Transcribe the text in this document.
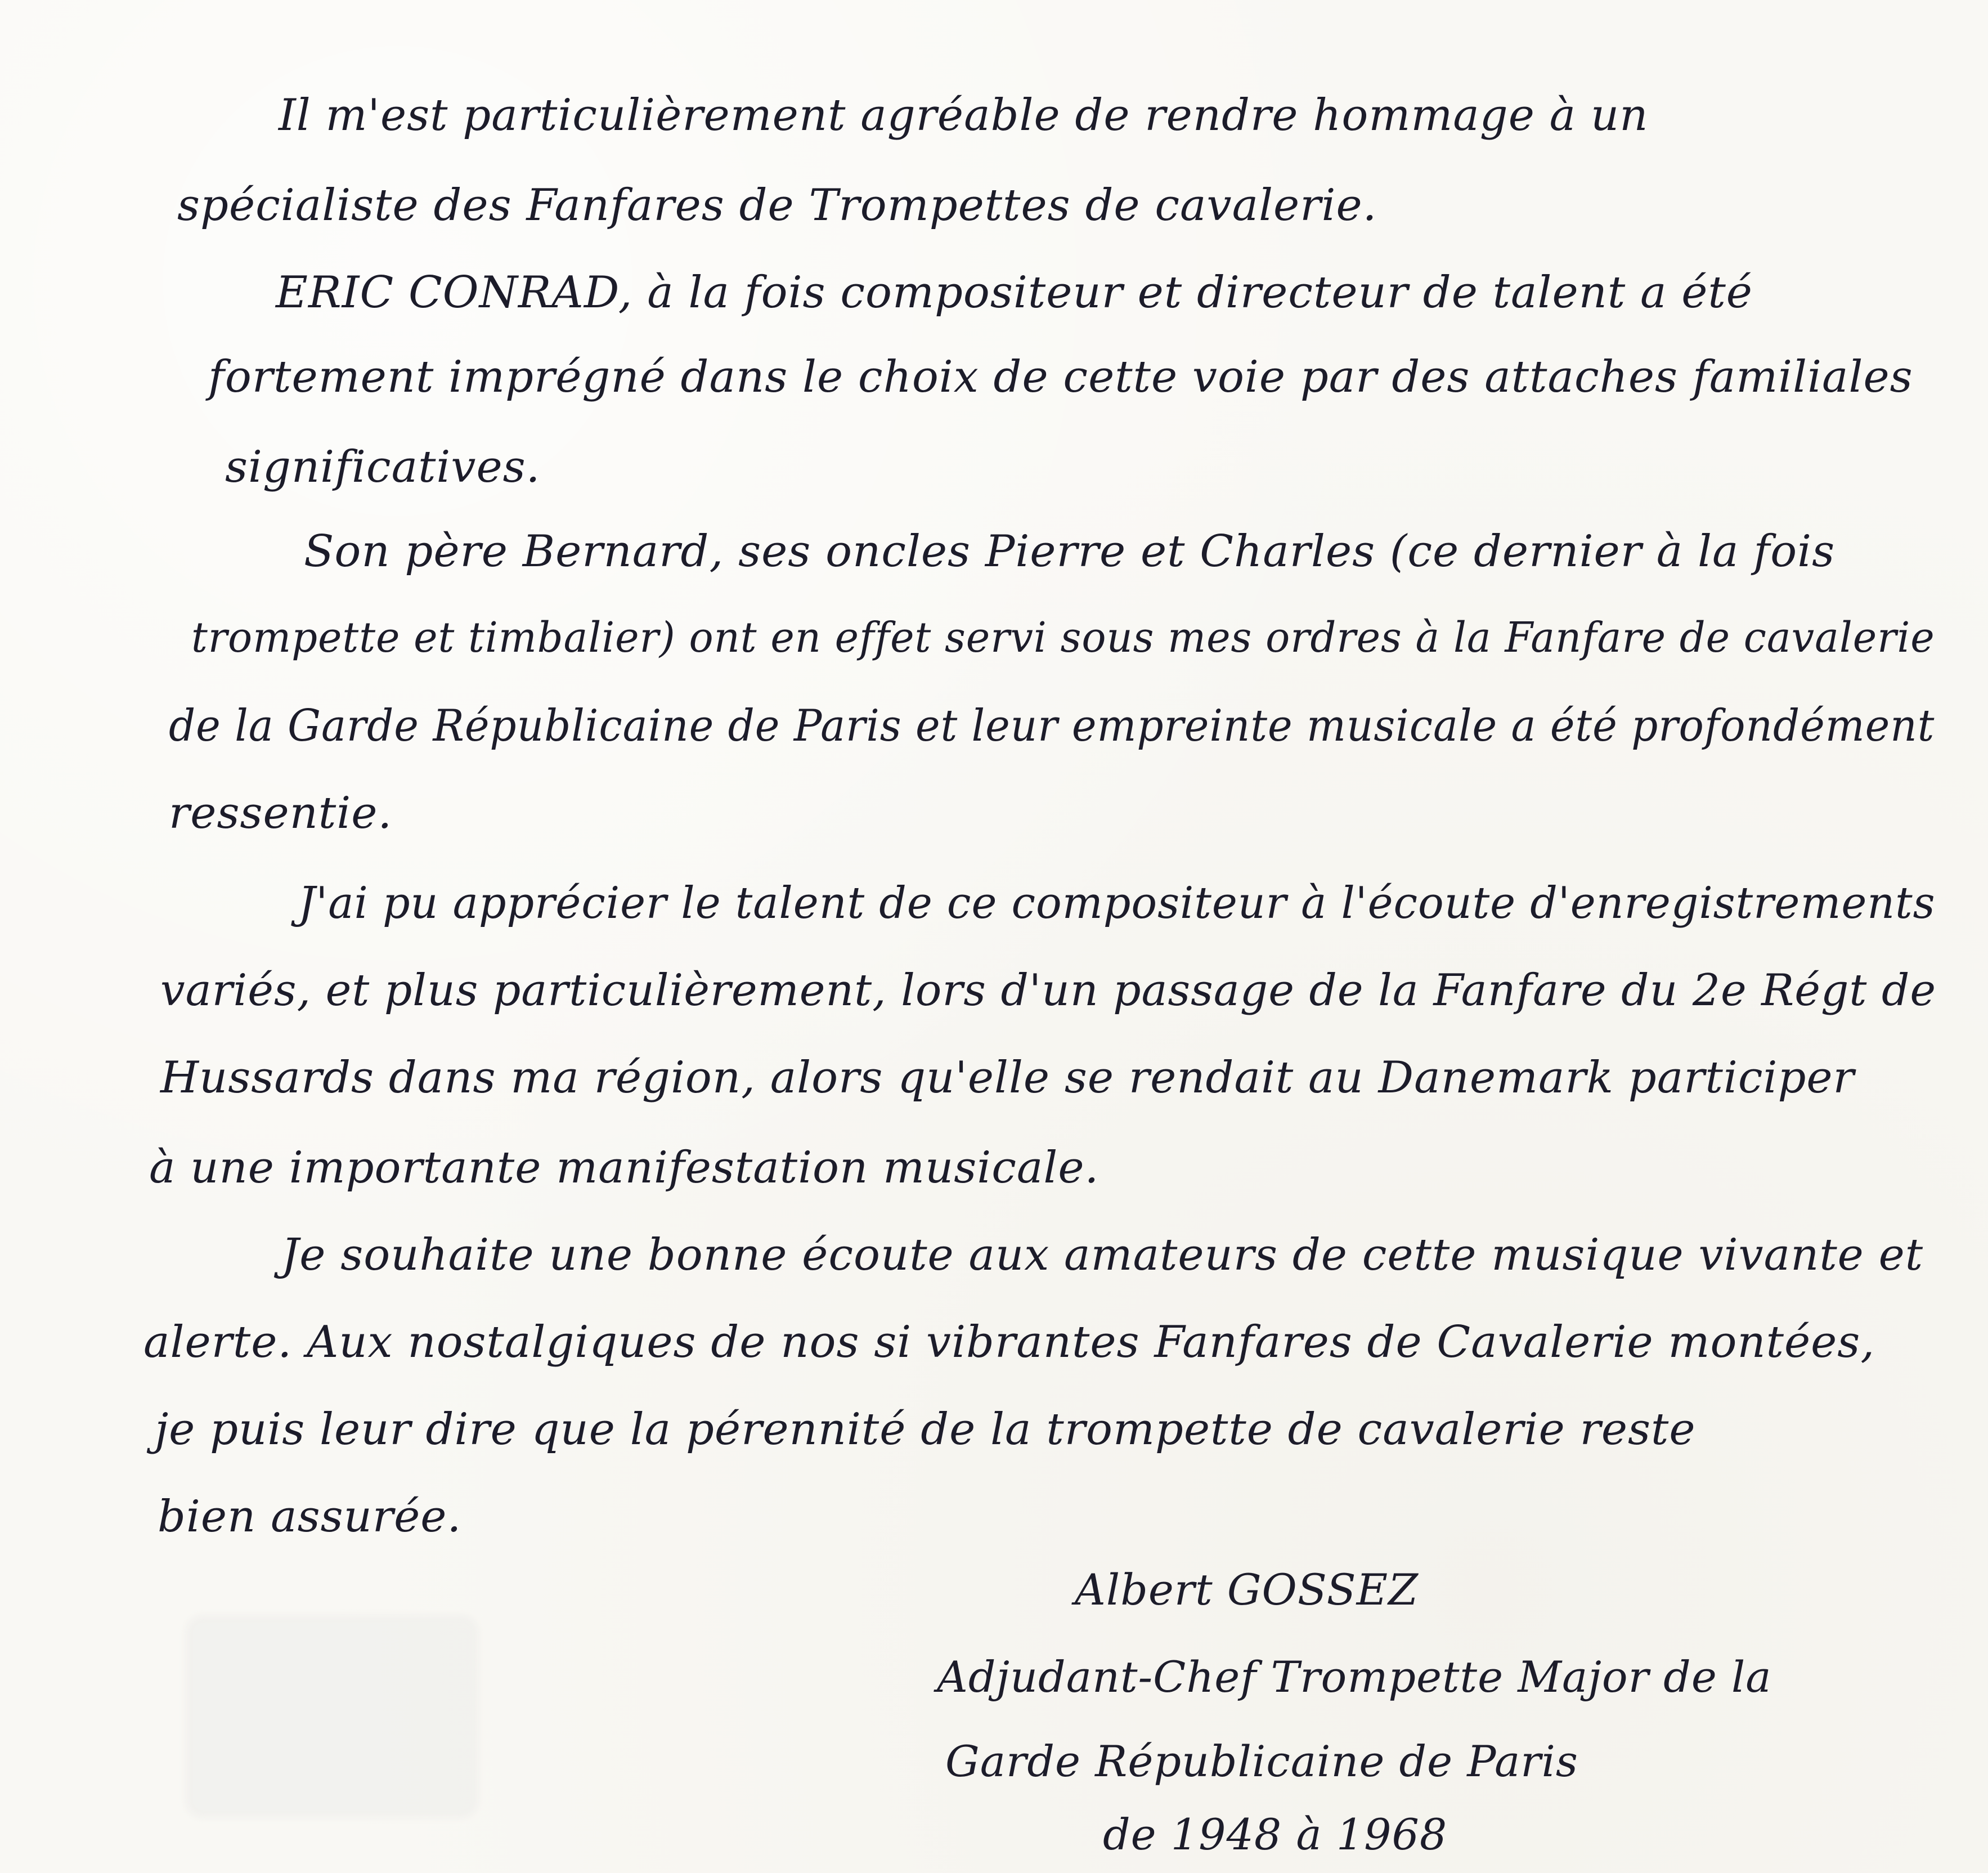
Il m'est particulièrement agréable de rendre hommage à un
spécialiste des Fanfares de Trompettes de cavalerie.
ERIC CONRAD, à la fois compositeur et directeur de talent a été
fortement imprégné dans le choix de cette voie par des attaches familiales
significatives.
Son père Bernard, ses oncles Pierre et Charles (ce dernier à la fois
trompette et timbalier) ont en effet servi sous mes ordres à la Fanfare de cavalerie
de la Garde Républicaine de Paris et leur empreinte musicale a été profondément
ressentie.
J'ai pu apprécier le talent de ce compositeur à l'écoute d'enregistrements
variés, et plus particulièrement, lors d'un passage de la Fanfare du 2e Régt de
Hussards dans ma région, alors qu'elle se rendait au Danemark participer
à une importante manifestation musicale.
Je souhaite une bonne écoute aux amateurs de cette musique vivante et
alerte. Aux nostalgiques de nos si vibrantes Fanfares de Cavalerie montées,
je puis leur dire que la pérennité de la trompette de cavalerie reste
bien assurée.
Albert GOSSEZ
Adjudant-Chef Trompette Major de la
Garde Républicaine de Paris
de 1948 à 1968
